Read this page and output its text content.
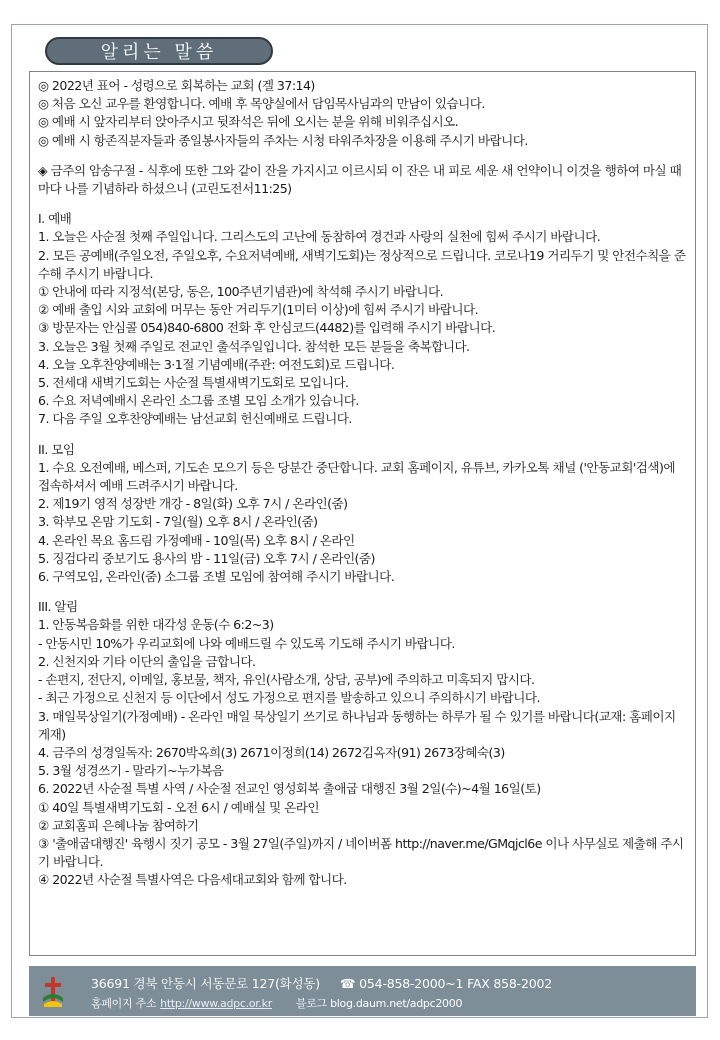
알리는 말씀

◎ 2022년 표어 - 성령으로 회복하는 교회 (겔 37:14)

◎ 처음 오신 교우를 환영합니다. 예배 후 목양실에서 담임목사님과의 만남이 있습니다.

◎ 예배 시 앞자리부터 앉아주시고 뒷좌석은 뒤에 오시는 분을 위해 비워주십시오.

◎ 예배 시 항존직분자들과 종일봉사자들의 주차는 시청 타워주차장을 이용해 주시기 바랍니다.

◈ 금주의 암송구절 - 식후에 또한 그와 같이 잔을 가지시고 이르시되 이 잔은 내 피로 세운 새 언약이니 이것을 행하여 마실 때마다 나를 기념하라 하셨으니 (고린도전서11:25)

I. 예배

1. 오늘은 사순절 첫째 주일입니다. 그리스도의 고난에 동참하여 경건과 사랑의 실천에 힘써 주시기 바랍니다.

2. 모든 공예배(주일오전, 주일오후, 수요저녁예배, 새벽기도회)는 정상적으로 드립니다. 코로나19 거리두기 및 안전수칙을 준수해 주시기 바랍니다.

① 안내에 따라 지정석(본당, 동은, 100주년기념관)에 착석해 주시기 바랍니다.

② 예배 출입 시와 교회에 머무는 동안 거리두기(1미터 이상)에 힘써 주시기 바랍니다.

③ 방문자는 안심콜 054)840-6800 전화 후 안심코드(4482)를 입력해 주시기 바랍니다.

3. 오늘은 3월 첫째 주일로 전교인 출석주일입니다. 참석한 모든 분들을 축복합니다.

4. 오늘 오후찬양예배는 3·1절 기념예배(주관: 여전도회)로 드립니다.

5. 전세대 새벽기도회는 사순절 특별새벽기도회로 모입니다.

6. 수요 저녁예배시 온라인 소그룹 조별 모임 소개가 있습니다.

7. 다음 주일 오후찬양예배는 남선교회 헌신예배로 드립니다.

II. 모임

1. 수요 오전예배, 베스퍼, 기도손 모으기 등은 당분간 중단합니다. 교회 홈페이지, 유튜브, 카카오톡 채널 ('안동교회'검색)에 접속하셔서 예배 드려주시기 바랍니다.

2. 제19기 영적 성장반 개강 - 8일(화) 오후 7시 / 온라인(줌)

3. 학부모 온맘 기도회 - 7일(월) 오후 8시 / 온라인(줌)

4. 온라인 목요 홈드림 가정예배 - 10일(목) 오후 8시 / 온라인

5. 징검다리 중보기도 용사의 밤 - 11일(금) 오후 7시 / 온라인(줌)

6. 구역모임, 온라인(줌) 소그룹 조별 모임에 참여해 주시기 바랍니다.

III. 알림

1. 안동복음화를 위한 대각성 운동(수 6:2~3)

- 안동시민 10%가 우리교회에 나와 예배드릴 수 있도록 기도해 주시기 바랍니다.

2. 신천지와 기타 이단의 출입을 금합니다.

- 손편지, 전단지, 이메일, 홍보물, 책자, 유인(사람소개, 상담, 공부)에 주의하고 미혹되지 맙시다.

- 최근 가정으로 신천지 등 이단에서 성도 가정으로 편지를 발송하고 있으니 주의하시기 바랍니다.

3. 매일묵상일기(가정예배) - 온라인 매일 묵상일기 쓰기로 하나님과 동행하는 하루가 될 수 있기를 바랍니다(교재: 홈페이지 게재)

4. 금주의 성경일독자: 2670박옥희(3) 2671이정희(14) 2672김옥자(91) 2673장혜숙(3)

5. 3월 성경쓰기 - 말라기~누가복음

6. 2022년 사순절 특별 사역 / 사순절 전교인 영성회복 출애굽 대행진 3월 2일(수)~4월 16일(토)

① 40일 특별새벽기도회 - 오전 6시 / 예배실 및 온라인

② 교회홈피 은혜나눔 참여하기

③ '출애굽대행진' 육행시 짓기 공모 - 3월 27일(주일)까지 / 네이버폼 http://naver.me/GMqjcl6e 이나 사무실로 제출해 주시기 바랍니다.

④ 2022년 사순절 특별사역은 다음세대교회와 함께 합니다.

36691 경북 안동시 서동문로 127(화성동) ☎ 054-858-2000~1 FAX 858-2002
홈페이지 주소 http://www.adpc.or.kr 블로그 blog.daum.net/adpc2000
